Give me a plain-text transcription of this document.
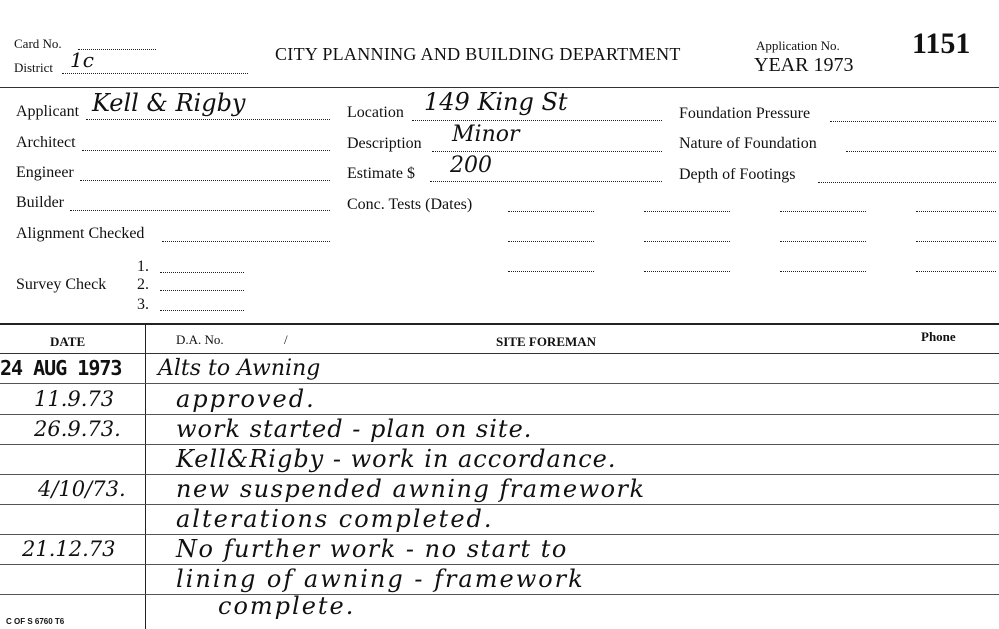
Card No.
District 1c	CITY PLANNING AND BUILDING DEPARTMENT	Application No.
YEAR 1973
1151
Applicant Kell & Rigby
Architect
Engineer
Builder
Alignment Checked
Survey Check
1.
2.
3.
Location 149 King St
Description Minor
Estimate $ 200
Conc. Tests (Dates)
Foundation Pressure
Nature of Foundation
Depth of Footings
DATE	D.A. No.	/	SITE FOREMAN	Phone
24 AUG 1973 Alts to Awning
11.9.73	approved.
26.9.73. work started - plan on site.
Kell&Rigby - work in accordance.
4/10/73. new suspended awning framework
alterations completed.
21.12.73	No further work - no start to
lining of awning - framework
complete.
C OF S 6760 T6
